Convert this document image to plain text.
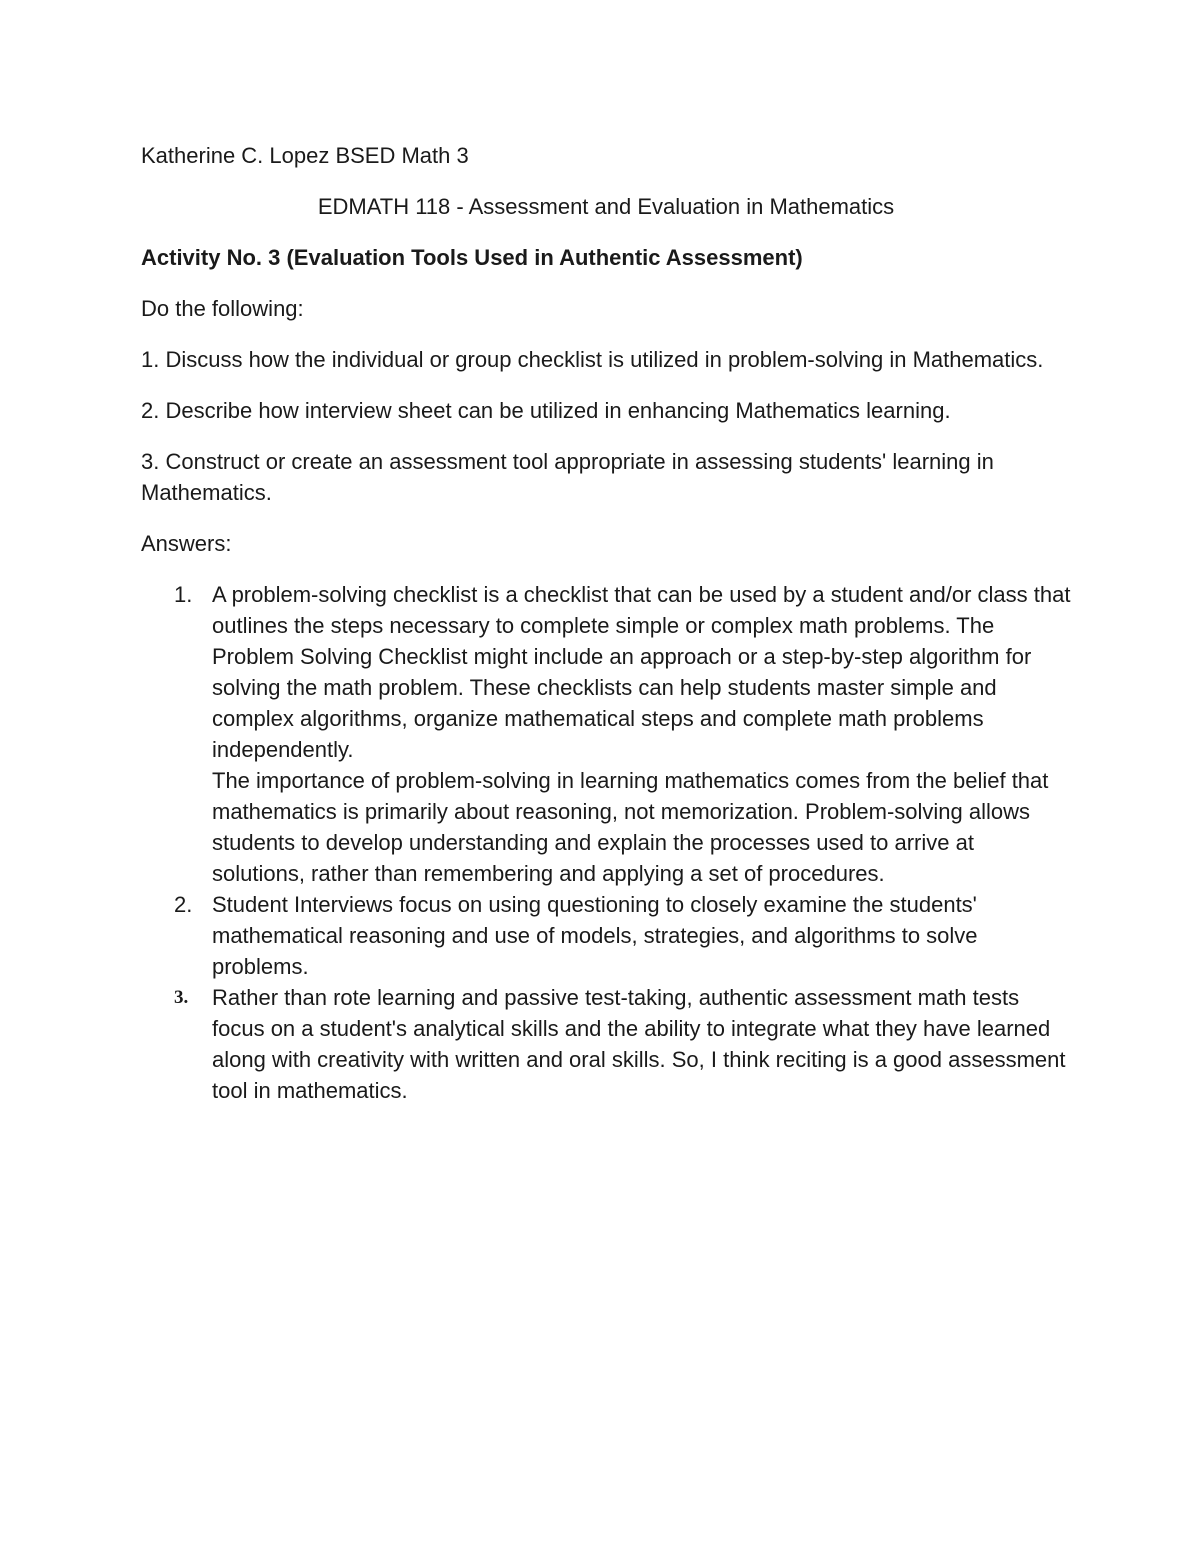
Katherine C. Lopez BSED Math 3

EDMATH 118 - Assessment and Evaluation in Mathematics

Activity No. 3 (Evaluation Tools Used in Authentic Assessment)

Do the following:

1. Discuss how the individual or group checklist is utilized in problem-solving in Mathematics.

2. Describe how interview sheet can be utilized in enhancing Mathematics learning.

3. Construct or create an assessment tool appropriate in assessing students' learning in Mathematics.

Answers:

1. A problem-solving checklist is a checklist that can be used by a student and/or class that outlines the steps necessary to complete simple or complex math problems. The Problem Solving Checklist might include an approach or a step-by-step algorithm for solving the math problem. These checklists can help students master simple and complex algorithms, organize mathematical steps and complete math problems independently.
The importance of problem-solving in learning mathematics comes from the belief that mathematics is primarily about reasoning, not memorization. Problem-solving allows students to develop understanding and explain the processes used to arrive at solutions, rather than remembering and applying a set of procedures.
2. Student Interviews focus on using questioning to closely examine the students' mathematical reasoning and use of models, strategies, and algorithms to solve problems.
3. Rather than rote learning and passive test-taking, authentic assessment math tests focus on a student's analytical skills and the ability to integrate what they have learned along with creativity with written and oral skills. So, I think reciting is a good assessment tool in mathematics.
